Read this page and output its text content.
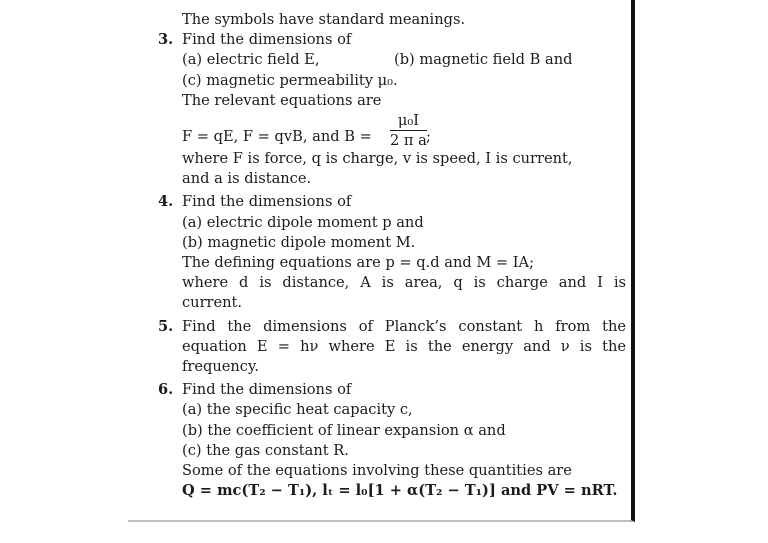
The symbols have standard meanings.
3. Find the dimensions of
(a) electric field E,	(b) magnetic field B and
(c) magnetic permeability μ₀.
The relevant equations are
F = qE, F = qvB, and $B = \frac{\text{μ₀I}}{\text{2 π a}}$ ;
where F is force, q is charge, v is speed, I is current,
and a is distance.
4. Find the dimensions of
(a) electric dipole moment p and
(b) magnetic dipole moment M.
The defining equations are p = q.d and M = IA;
where d is distance, A is area, q is charge and I is
current.
5. Find the dimensions of Planck’s constant h from the
equation E = hν where E is the energy and ν is the
frequency.
6. Find the dimensions of
(a) the specific heat capacity c,
(b) the coefficient of linear expansion α and
(c) the gas constant R.
Some of the equations involving these quantities are
Q = mc(T₂ − T₁), lₜ = l₀[1 + α(T₂ − T₁)] and PV = nRT.
